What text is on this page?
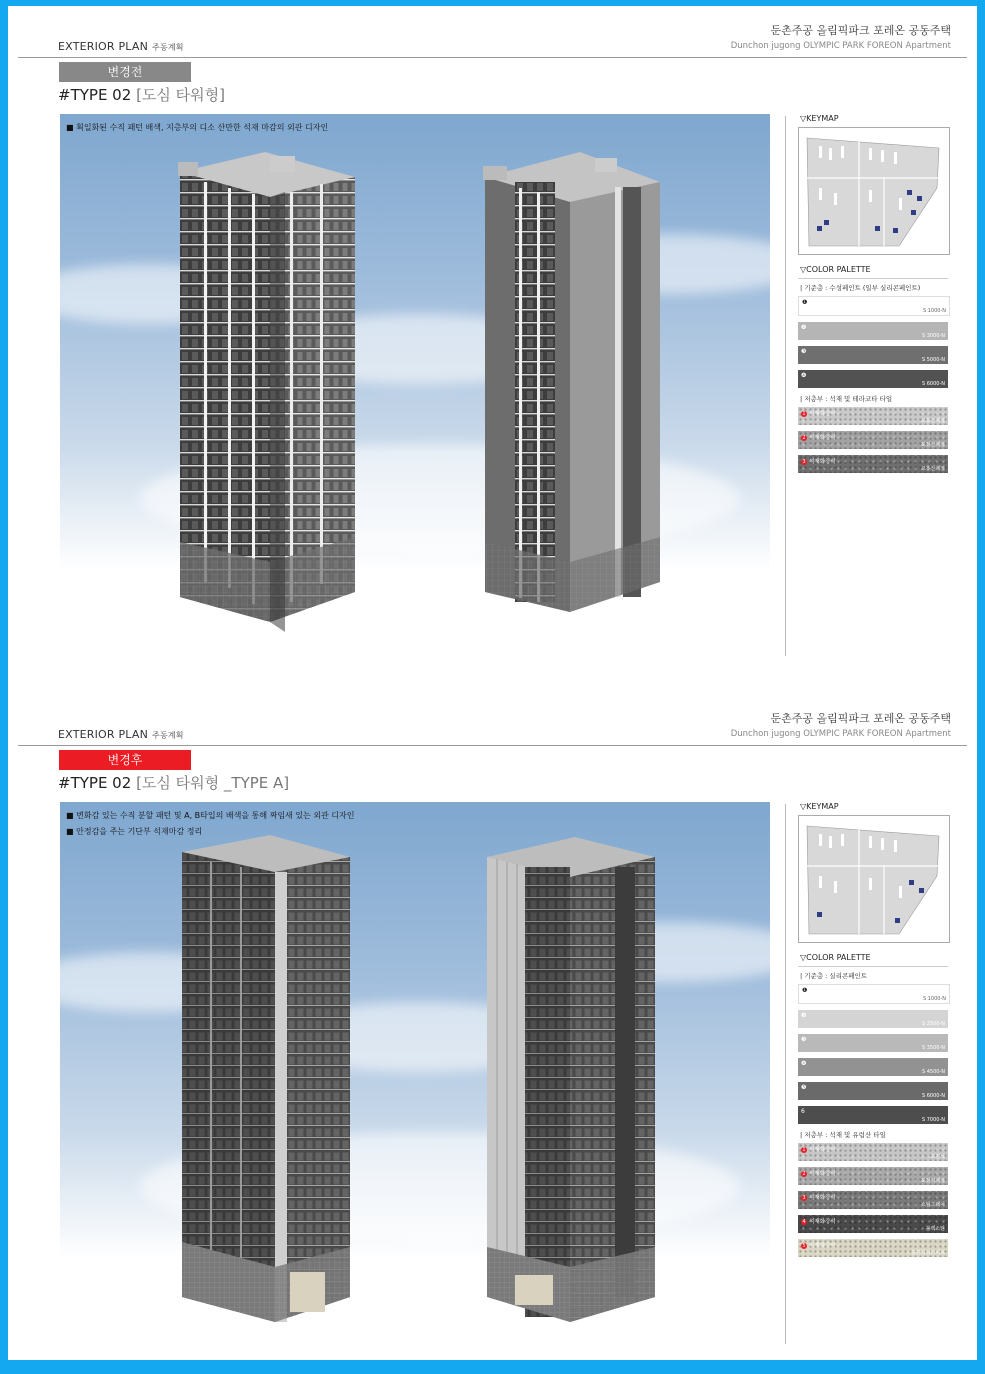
EXTERIOR PLAN 주동계획
둔촌주공 올림픽파크 포레온 공동주택
Dunchon jugong OLYMPIC PARK FOREON Apartment
변경전
#TYPE 02 [도심 타워형]
■ 획일화된 수직 패턴 배색, 지층부의 디소 산만한 석재 마감의 외관 디자인
▽KEYMAP
▽COLOR PALETTE
| 기준층 : 수성페인트 (일부 실리콘페인트)
❶
S 1000-N
❷
S 3000-N
❸
S 5000-N
❹
S 6000-N
| 저층부 : 석재 및 테라코타 타일
1 석재화강석
고흥산계열
2 석재화강석
포천산계열
3 석재화강석
고흥산계열
EXTERIOR PLAN 주동계획
둔촌주공 올림픽파크 포레온 공동주택
Dunchon jugong OLYMPIC PARK FOREON Apartment
변경후
#TYPE 02 [도심 타워형 _TYPE A]
■ 변화감 있는 수직 분할 패턴 및 A, B타입의 배색을 통해 짜임새 있는 외관 디자인
■ 안정감을 주는 기단부 석재마감 정리
▽KEYMAP
▽COLOR PALETTE
| 기준층 : 실리콘페인트
❶
S 1000-N
❷
S 2500-N
❸
S 3500-N
❹
S 4500-N
❺
S 6000-N
6
S 7000-N
| 저층부 : 석재 및 유럽산 타일
1 석재화강석
포천석
2 석재화강석
포천석계열
3 석재화강석
스틸그레이
4 석재화강석
블랙스탄
5 석재화강석
블랜디쉬라이트
